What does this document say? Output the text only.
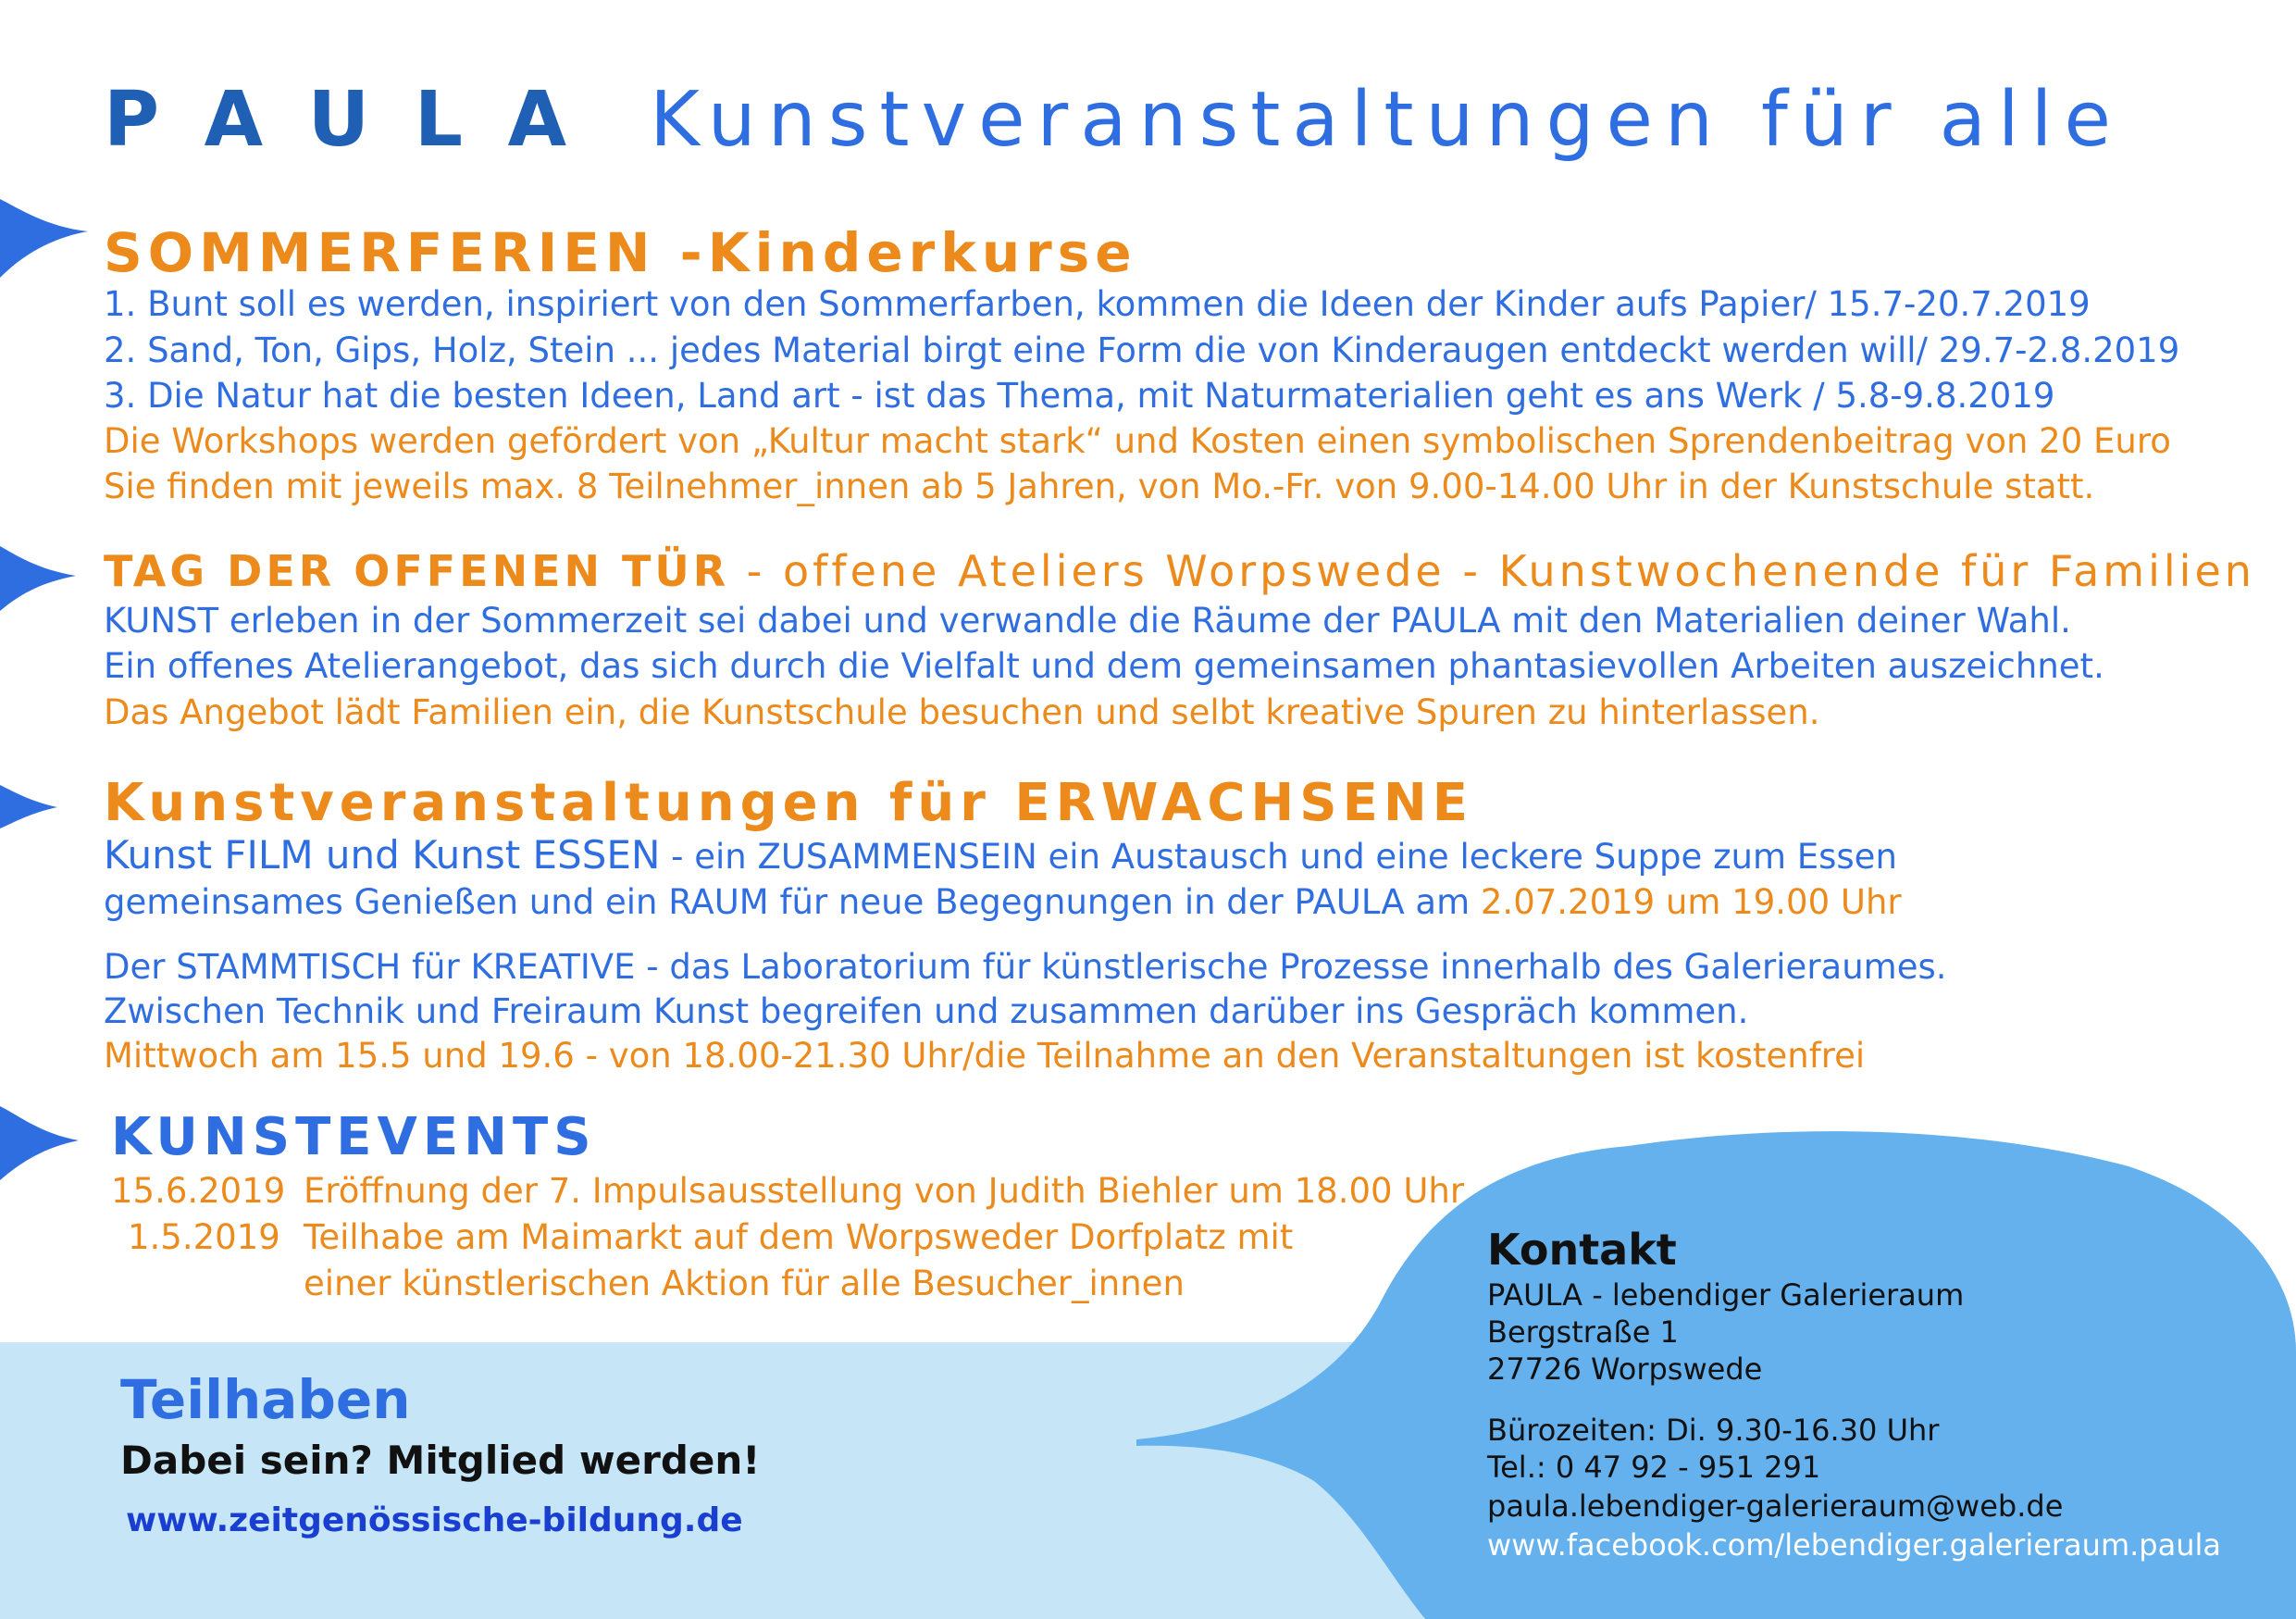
P A U L A Kunstveranstaltungen für alle
SOMMERFERIEN -Kinderkurse
1. Bunt soll es werden, inspiriert von den Sommerfarben, kommen die Ideen der Kinder aufs Papier/ 15.7-20.7.2019
2. Sand, Ton, Gips, Holz, Stein ... jedes Material birgt eine Form die von Kinderaugen entdeckt werden will/ 29.7-2.8.2019
3. Die Natur hat die besten Ideen, Land art - ist das Thema, mit Naturmaterialien geht es ans Werk / 5.8-9.8.2019
Die Workshops werden gefördert von „Kultur macht stark“ und Kosten einen symbolischen Sprendenbeitrag von 20 Euro
Sie finden mit jeweils max. 8 Teilnehmer_innen ab 5 Jahren, von Mo.-Fr. von 9.00-14.00 Uhr in der Kunstschule statt.
TAG DER OFFENEN TÜR - offene Ateliers Worpswede - Kunstwochenende für Familien
KUNST erleben in der Sommerzeit sei dabei und verwandle die Räume der PAULA mit den Materialien deiner Wahl.
Ein offenes Atelierangebot, das sich durch die Vielfalt und dem gemeinsamen phantasievollen Arbeiten auszeichnet.
Das Angebot lädt Familien ein, die Kunstschule besuchen und selbt kreative Spuren zu hinterlassen.
Kunstveranstaltungen für ERWACHSENE
Kunst FILM und Kunst ESSEN - ein ZUSAMMENSEIN ein Austausch und eine leckere Suppe zum Essen
gemeinsames Genießen und ein RAUM für neue Begegnungen in der PAULA am 2.07.2019 um 19.00 Uhr
Der STAMMTISCH für KREATIVE - das Laboratorium für künstlerische Prozesse innerhalb des Galerieraumes.
Zwischen Technik und Freiraum Kunst begreifen und zusammen darüber ins Gespräch kommen.
Mittwoch am 15.5 und 19.6 - von 18.00-21.30 Uhr/die Teilnahme an den Veranstaltungen ist kostenfrei
KUNSTEVENTS
15.6.2019 Eröffnung der 7. Impulsausstellung von Judith Biehler um 18.00 Uhr
1.5.2019 Teilhabe am Maimarkt auf dem Worpsweder Dorfplatz mit
einer künstlerischen Aktion für alle Besucher_innen
Teilhaben
Dabei sein? Mitglied werden!
www.zeitgenössische-bildung.de
Kontakt
PAULA - lebendiger Galerieraum
Bergstraße 1
27726 Worpswede
Bürozeiten: Di. 9.30-16.30 Uhr
Tel.: 0 47 92 - 951 291
paula.lebendiger-galerieraum@web.de
www.facebook.com/lebendiger.galerieraum.paula
